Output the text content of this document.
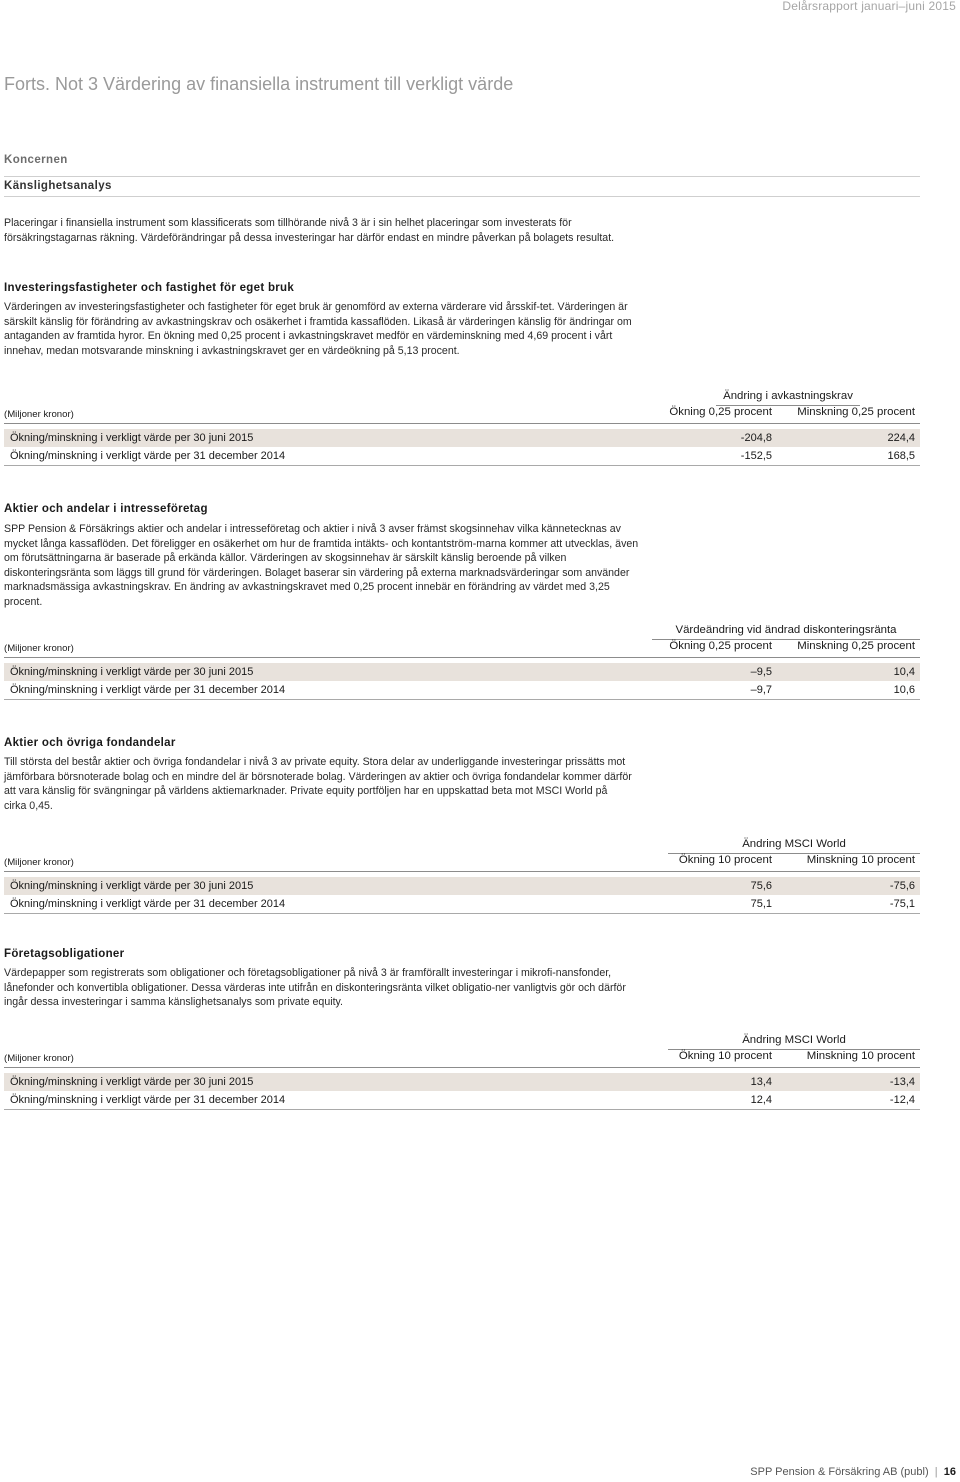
Delårsrapport januari–juni 2015
Forts. Not 3 Värdering av finansiella instrument till verkligt värde
Koncernen
Känslighetsanalys
Placeringar i finansiella instrument som klassificerats som tillhörande nivå 3 är i sin helhet placeringar som investerats för försäkringstagarnas räkning. Värdeförändringar på dessa investeringar har därför endast en mindre påverkan på bolagets resultat.
Investeringsfastigheter och fastighet för eget bruk
Värderingen av investeringsfastigheter och fastigheter för eget bruk är genomförd av externa värderare vid årsskif-tet. Värderingen är särskilt känslig för förändring av avkastningskrav och osäkerhet i framtida kassaflöden. Likaså är värderingen känslig för ändringar om antaganden av framtida hyror. En ökning med 0,25 procent i avkastningskravet medför en värdeminskning med 4,69 procent i vårt innehav, medan motsvarande minskning i avkastningskravet ger en värdeökning på 5,13 procent.
Ändring i avkastningskrav
(Miljoner kronor)	Ökning 0,25 procent	Minskning 0,25 procent
Ökning/minskning i verkligt värde per 30 juni 2015	-204,8	224,4
Ökning/minskning i verkligt värde per 31 december 2014	-152,5	168,5
Aktier och andelar i intresseföretag
SPP Pension & Försäkrings aktier och andelar i intresseföretag och aktier i nivå 3 avser främst skogsinnehav vilka kännetecknas av mycket långa kassaflöden. Det föreligger en osäkerhet om hur de framtida intäkts- och kontantström-marna kommer att utvecklas, även om förutsättningarna är baserade på erkända källor. Värderingen av skogsinnehav är särskilt känslig beroende på vilken diskonteringsränta som läggs till grund för värderingen. Bolaget baserar sin värdering på externa marknadsvärderingar som använder marknadsmässiga avkastningskrav. En ändring av avkastningskravet med 0,25 procent innebär en förändring av värdet med 3,25 procent.
Värdeändring vid ändrad diskonteringsränta
(Miljoner kronor)	Ökning 0,25 procent	Minskning 0,25 procent
Ökning/minskning i verkligt värde per 30 juni 2015	–9,5	10,4
Ökning/minskning i verkligt värde per 31 december 2014	–9,7	10,6
Aktier och övriga fondandelar
Till största del består aktier och övriga fondandelar i nivå 3 av private equity. Stora delar av underliggande investeringar prissätts mot jämförbara börsnoterade bolag och en mindre del är börsnoterade bolag. Värderingen av aktier och övriga fondandelar kommer därför att vara känslig för svängningar på världens aktiemarknader. Private equity portföljen har en uppskattad beta mot MSCI World på cirka 0,45.
Ändring MSCI World
(Miljoner kronor)	Ökning 10 procent	Minskning 10 procent
Ökning/minskning i verkligt värde per 30 juni 2015	75,6	-75,6
Ökning/minskning i verkligt värde per 31 december 2014	75,1	-75,1
Företagsobligationer
Värdepapper som registrerats som obligationer och företagsobligationer på nivå 3 är framförallt investeringar i mikrofi-nansfonder, lånefonder och konvertibla obligationer. Dessa värderas inte utifrån en diskonteringsränta vilket obligatio-ner vanligtvis gör och därför ingår dessa investeringar i samma känslighetsanalys som private equity.
Ändring MSCI World
(Miljoner kronor)	Ökning 10 procent	Minskning 10 procent
Ökning/minskning i verkligt värde per 30 juni 2015	13,4	-13,4
Ökning/minskning i verkligt värde per 31 december 2014	12,4	-12,4
SPP Pension & Försäkring AB (publ)  |  16
